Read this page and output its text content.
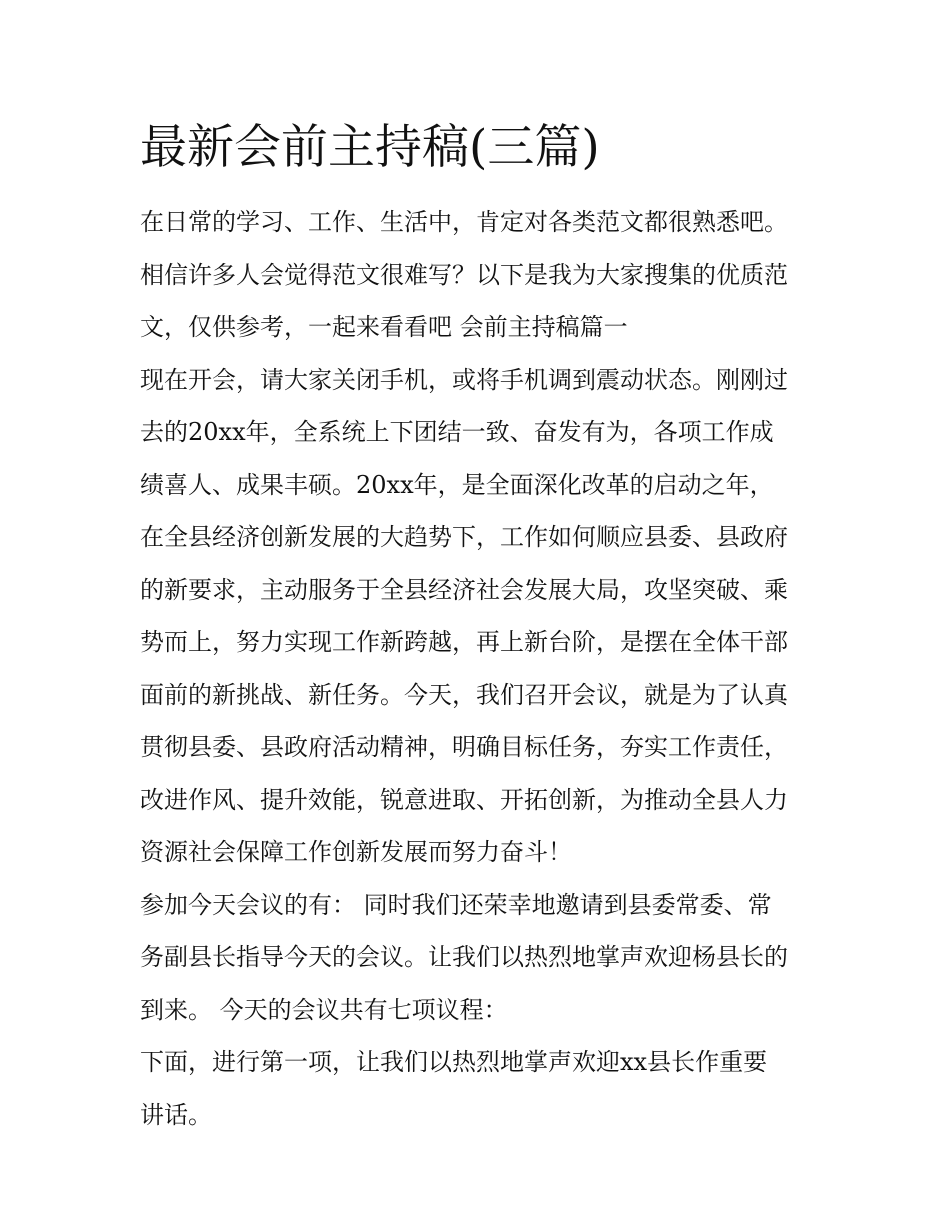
最新会前主持稿(三篇)
在日常的学习、工作、生活中，肯定对各类范文都很熟悉吧。
相信许多人会觉得范文很难写？以下是我为大家搜集的优质范
文，仅供参考，一起来看看吧 会前主持稿篇一
现在开会，请大家关闭手机，或将手机调到震动状态。刚刚过
去的20xx年，全系统上下团结一致、奋发有为，各项工作成
绩喜人、成果丰硕。20xx年，是全面深化改革的启动之年，
在全县经济创新发展的大趋势下，工作如何顺应县委、县政府
的新要求，主动服务于全县经济社会发展大局，攻坚突破、乘
势而上，努力实现工作新跨越，再上新台阶，是摆在全体干部
面前的新挑战、新任务。今天，我们召开会议，就是为了认真
贯彻县委、县政府活动精神，明确目标任务，夯实工作责任，
改进作风、提升效能，锐意进取、开拓创新，为推动全县人力
资源社会保障工作创新发展而努力奋斗！
参加今天会议的有： 同时我们还荣幸地邀请到县委常委、常
务副县长指导今天的会议。让我们以热烈地掌声欢迎杨县长的
到来。 今天的会议共有七项议程：
下面，进行第一项，让我们以热烈地掌声欢迎xx县长作重要
讲话。
